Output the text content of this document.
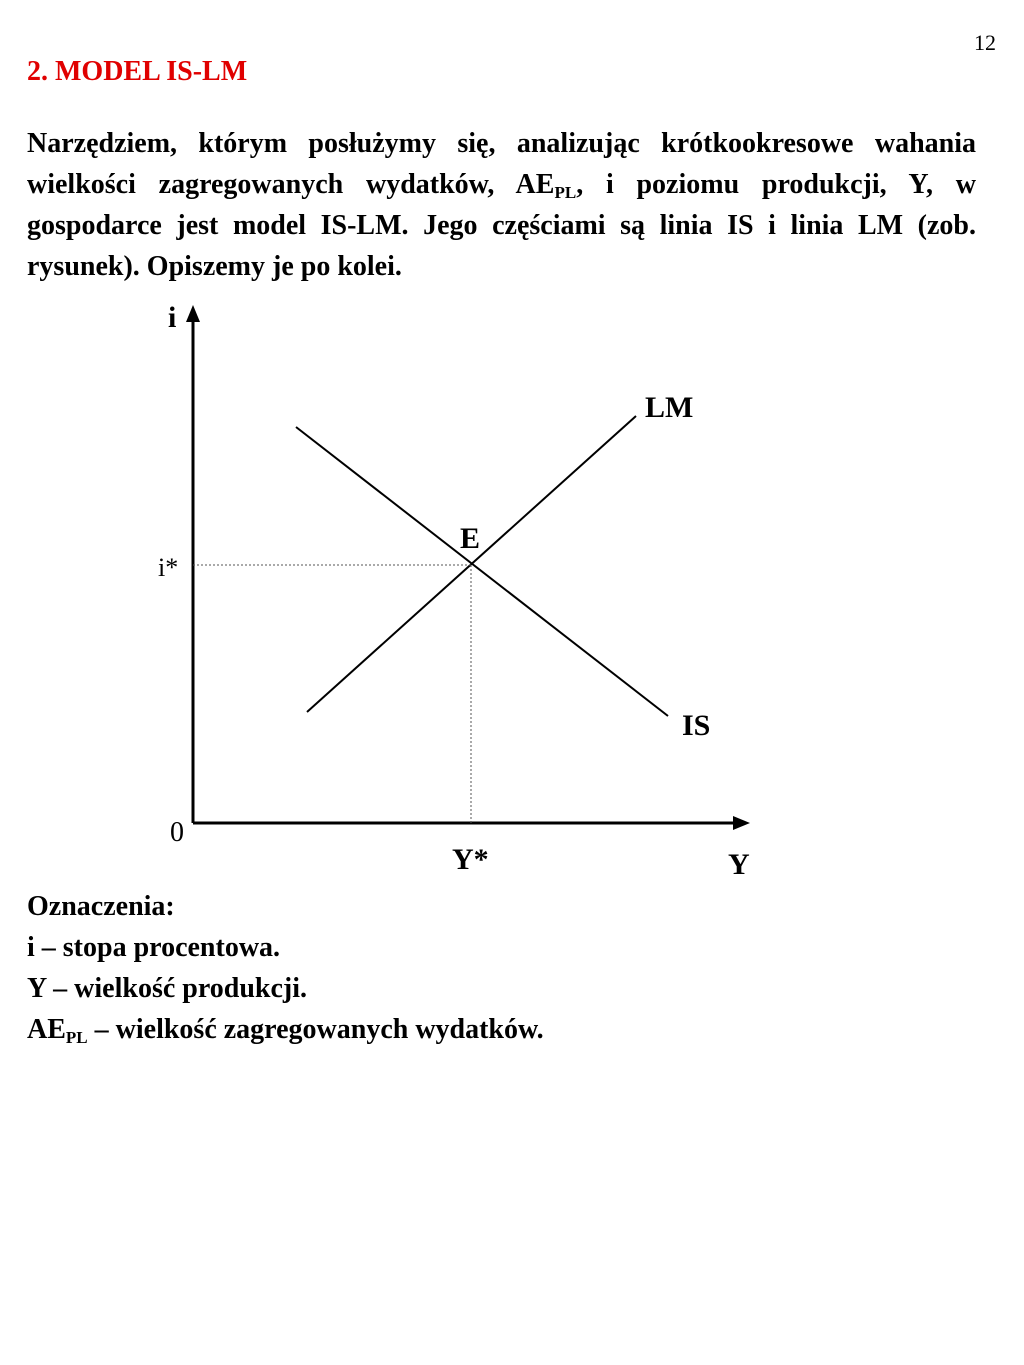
12
2. MODEL IS-LM

Narzędziem, którym posłużymy się, analizując krótkookresowe wahania wielkości zagregowanych wydatków, $AE_{PL}$, i poziomu produkcji, Y, w gospodarce jest model IS-LM. Jego częściami są linia IS i linia LM (zob. rysunek). Opiszemy je po kolei.

i
Y
0
LM
IS
E
i*
Y*
Oznaczenia:
i – stopa procentowa.
Y – wielkość produkcji.
$AE_{PL}$ – wielkość zagregowanych wydatków.
